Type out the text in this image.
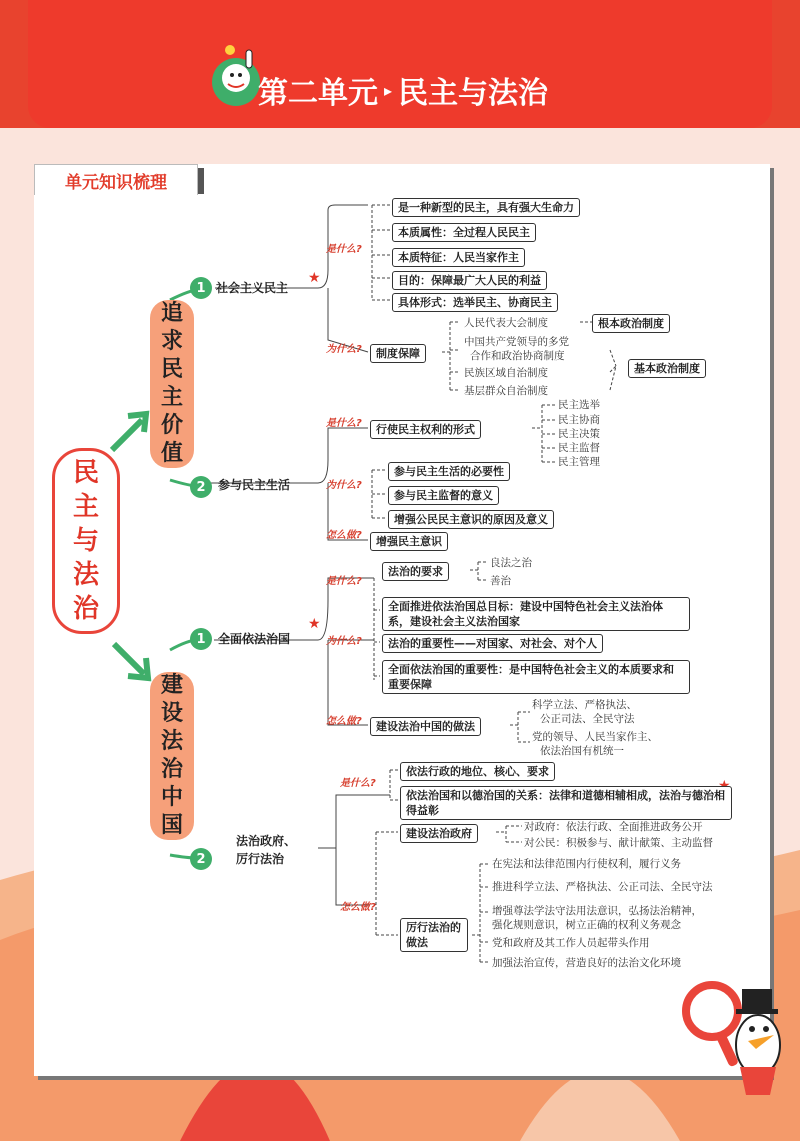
第二单元 ▸ 民主与法治
单元知识梳理
民
主
与
法
治
追
求
民
主
价
值
建
设
法
治
中
国
1 社会主义民主
★
是什么?
为什么?
是一种新型的民主，具有强大生命力
本质属性：全过程人民民主
本质特征：人民当家作主
目的：保障最广大人民的利益
具体形式：选举民主、协商民主
制度保障
人民代表大会制度
中国共产党领导的多党
合作和政治协商制度
民族区域自治制度
基层群众自治制度
根本政治制度
基本政治制度
2	参与民主生活
是什么?
为什么?
怎么做?
行使民主权利的形式
民主选举
民主协商
民主决策
民主监督
民主管理
参与民主生活的必要性
参与民主监督的意义
增强公民民主意识的原因及意义
增强民主意识
1	全面依法治国
★
是什么?
为什么?
怎么做?
法治的要求
良法之治
善治
全面推进依法治国总目标：建设中国特色社会主义法治体系，建设社会主义法治国家
法治的重要性——对国家、对社会、对个人
全面依法治国的重要性：是中国特色社会主义的本质要求和重要保障
建设法治中国的做法
科学立法、严格执法、
公正司法、全民守法
党的领导、人民当家作主、
依法治国有机统一
2
法治政府、
厉行法治
是什么?
怎么做?
依法行政的地位、核心、要求
依法治国和以德治国的关系：法律和道德相辅相成，法治与德治相得益彰
建设法治政府	对政府：依法行政、全面推进政务公开
对公民：积极参与、献计献策、主动监督
厉行法治的做法
在宪法和法律范围内行使权利，履行义务
推进科学立法、严格执法、公正司法、全民守法
增强尊法学法守法用法意识，弘扬法治精神，
强化规则意识，树立正确的权利义务观念
党和政府及其工作人员起带头作用
加强法治宣传，营造良好的法治文化环境
